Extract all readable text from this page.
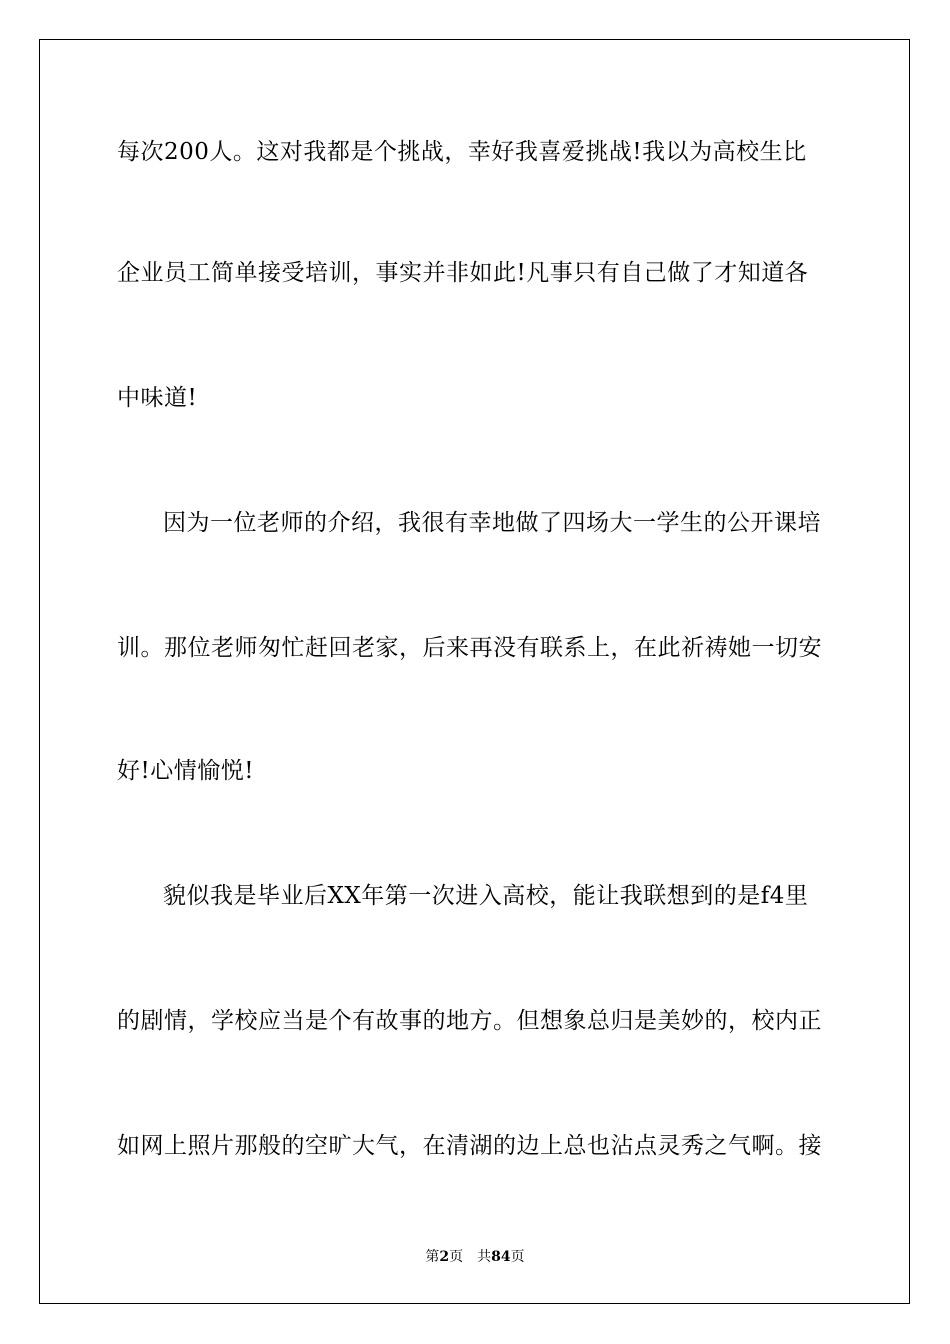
每次200人。这对我都是个挑战，幸好我喜爱挑战!我以为高校生比
企业员工简单接受培训，事实并非如此!凡事只有自己做了才知道各
中味道!
因为一位老师的介绍，我很有幸地做了四场大一学生的公开课培
训。那位老师匆忙赶回老家，后来再没有联系上，在此祈祷她一切安
好!心情愉悦!
貌似我是毕业后XX年第一次进入高校，能让我联想到的是f4里
的剧情，学校应当是个有故事的地方。但想象总归是美妙的，校内正
如网上照片那般的空旷大气，在清湖的边上总也沾点灵秀之气啊。接
第2页 共84页
